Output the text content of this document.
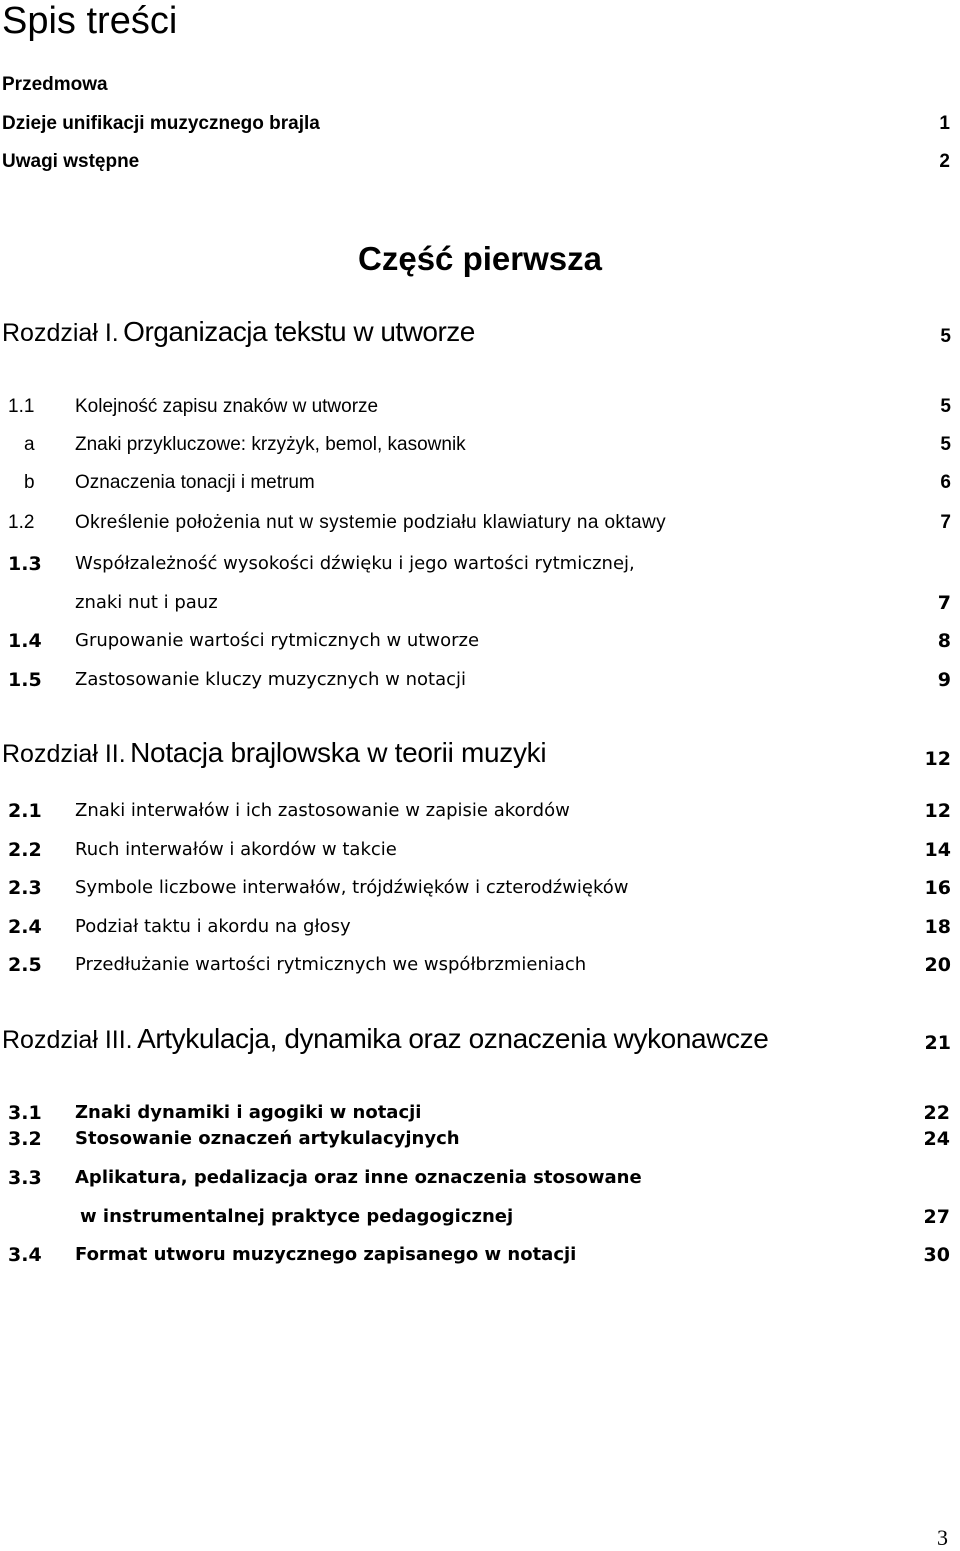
Spis treści
Przedmowa
Dzieje unifikacji muzycznego brajla	1
Uwagi wstępne	2
Część pierwsza
Rozdział I. Organizacja tekstu w utworze	5
1.1 Kolejność zapisu znaków w utworze	5
a Znaki przykluczowe: krzyżyk, bemol, kasownik	5
b Oznaczenia tonacji i metrum	6
1.2 Określenie położenia nut w systemie podziału klawiatury na oktawy	7
1.3 Współzależność wysokości dźwięku i jego wartości rytmicznej,
znaki nut i pauz	7
1.4 Grupowanie wartości rytmicznych w utworze	8
1.5 Zastosowanie kluczy muzycznych w notacji	9
Rozdział II. Notacja brajlowska w teorii muzyki	12
2.1 Znaki interwałów i ich zastosowanie w zapisie akordów	12
2.2 Ruch interwałów i akordów w takcie	14
2.3 Symbole liczbowe interwałów, trójdźwięków i czterodźwięków	16
2.4 Podział taktu i akordu na głosy	18
2.5 Przedłużanie wartości rytmicznych we współbrzmieniach	20
Rozdział III. Artykulacja, dynamika oraz oznaczenia wykonawcze	21
3.1 Znaki dynamiki i agogiki w notacji	22
3.2 Stosowanie oznaczeń artykulacyjnych	24
3.3 Aplikatura, pedalizacja oraz inne oznaczenia stosowane
w instrumentalnej praktyce pedagogicznej	27
3.4 Format utworu muzycznego zapisanego w notacji	30
3
